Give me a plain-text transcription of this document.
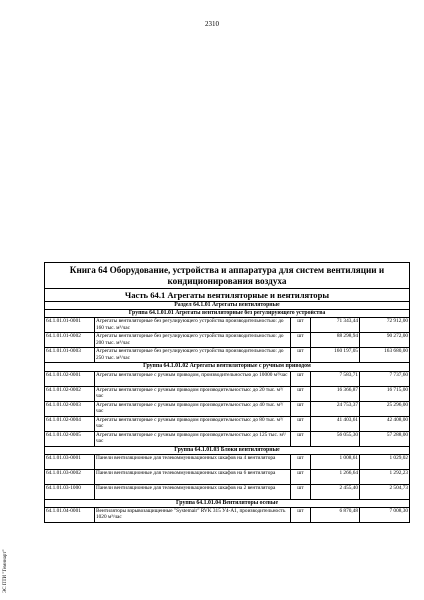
2310
ЭС ПТИ "Гемннарт"
Книга 64 Оборудование, устройства и аппаратура для систем вентиляции и кондиционирования воздуха				
Часть 64.1 Агрегаты вентиляторные и вентиляторы				
Раздел 64.1.01 Агрегаты вентиляторные				
Группа 64.1.01.01 Агрегаты вентиляторные без регулирующего устройства				
64.1.01.01-0001	Агрегаты вентиляторные без регулирующего устройства производительностью: до 160 тыс. м³/час	шт	71 343,44	72 912,00
64.1.01.01-0002	Агрегаты вентиляторные без регулирующего устройства производительностью: до 200 тыс. м³/час	шт	88 298,94	90 272,00
64.1.01.01-0003	Агрегаты вентиляторные без регулирующего устройства производительностью: до 250 тыс. м³/час	шт	160 197,05	163 680,00
Группа 64.1.01.02 Агрегаты вентиляторные с ручным приводом				
64.1.01.02-0001	Агрегаты вентиляторные с ручным приводом, производительностью до 10000 м³/час	шт	7 583,71	7 737,60
64.1.01.02-0002	Агрегаты вентиляторные с ручным приводом производительностью: до 20 тыс. м³/час	шт	16 366,87	16 715,00
64.1.01.02-0003	Агрегаты вентиляторные с ручным приводом производительностью: до 40 тыс. м³/час	шт	24 753,37	25 296,00
64.1.01.02-0004	Агрегаты вентиляторные с ручным приводом производительностью: до 80 тыс. м³/час	шт	41 403,61	42 408,00
64.1.01.02-0005	Агрегаты вентиляторные с ручным приводом производительностью: до 125 тыс. м³/час	шт	56 055,30	57 288,00
Группа 64.1.01.03 Блоки вентиляторные				
64.1.01.03-0001	Панели вентиляционные для телекоммуникационных шкафов на 4 вентилятора	шт	1 008,61	1 029,02
64.1.01.03-0002	Панели вентиляционные для телекоммуникационных шкафов на 6 вентилятора	шт	1 266,64	1 292,23
64.1.01.03-1000	Панели вентиляционные для телекоммуникационных шкафов на 2 вентилятора	шт	2 455,40	2 504,73
Группа 64.1.01.04 Вентиляторы осевые				
64.1.01.04-0001	Вентиляторы взрывозащищенные "Systemair" RVK 315 У4-А1, производительность 1020 м³/час	шт	6 870,48	7 008,30
